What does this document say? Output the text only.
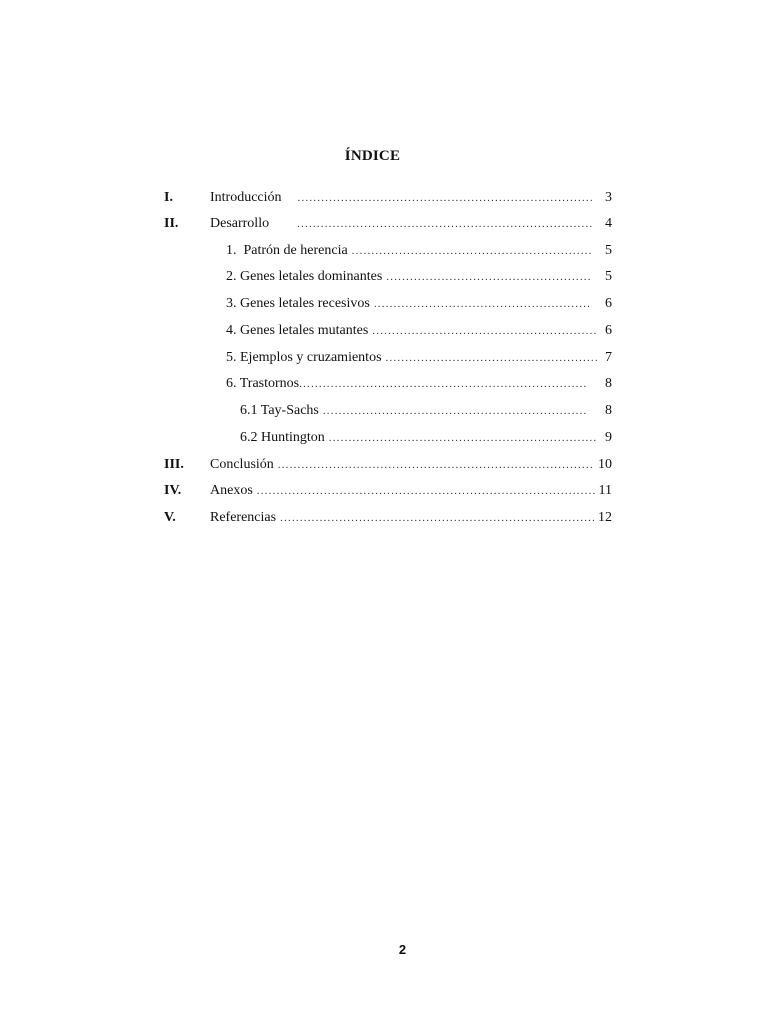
ÍNDICE
I.	Introducción .....	3
II. Desarrollo .....	4
1.  Patrón de herencia .....	5
2. Genes letales dominantes .....	5
3. Genes letales recesivos .....	6
4. Genes letales mutantes .....	6
5. Ejemplos y cruzamientos .....	7
6. Trastornos .....	8
6.1 Tay-Sachs .....	8
6.2 Huntington .....	9
III. Conclusión .....	10
IV. Anexos .....	11
V. Referencias .....	12
2
